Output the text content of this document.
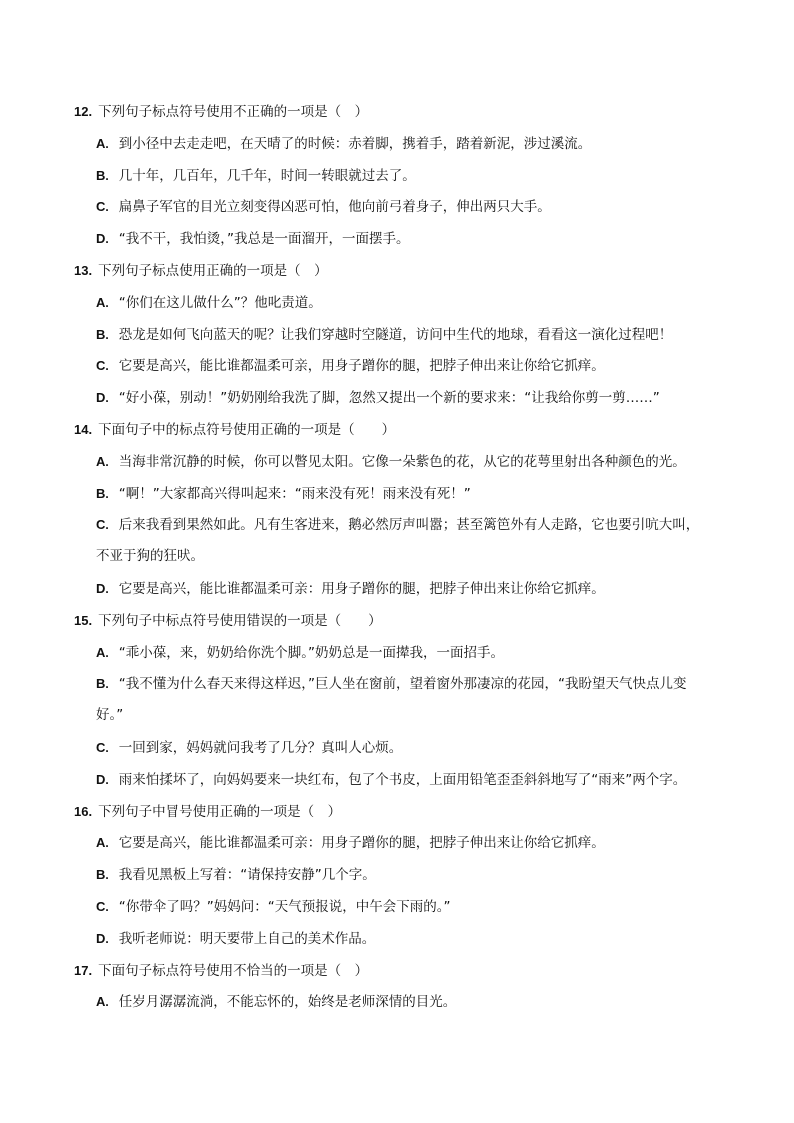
12. 下列句子标点符号使用不正确的一项是（　）
A. 到小径中去走走吧，在天晴了的时候：赤着脚，携着手，踏着新泥，涉过溪流。
B. 几十年，几百年，几千年，时间一转眼就过去了。
C. 扁鼻子军官的目光立刻变得凶恶可怕，他向前弓着身子，伸出两只大手。
D. “我不干，我怕烫，”我总是一面溜开，一面摆手。
13. 下列句子标点使用正确的一项是（　）
A. “你们在这儿做什么”？他叱责道。
B. 恐龙是如何飞向蓝天的呢？让我们穿越时空隧道，访问中生代的地球，看看这一演化过程吧！
C. 它要是高兴，能比谁都温柔可亲，用身子蹭你的腿，把脖子伸出来让你给它抓痒。
D. “好小葆，别动！”奶奶刚给我洗了脚，忽然又提出一个新的要求来：“让我给你剪一剪……”
14. 下面句子中的标点符号使用正确的一项是（　　）
A. 当海非常沉静的时候，你可以瞥见太阳。它像一朵紫色的花，从它的花萼里射出各种颜色的光。
B. “啊！”大家都高兴得叫起来：“雨来没有死！雨来没有死！”
C. 后来我看到果然如此。凡有生客进来，鹅必然厉声叫嚣；甚至篱笆外有人走路，它也要引吭大叫，
不亚于狗的狂吠。
D. 它要是高兴，能比谁都温柔可亲：用身子蹭你的腿，把脖子伸出来让你给它抓痒。
15. 下列句子中标点符号使用错误的一项是（　　）
A. “乖小葆，来，奶奶给你洗个脚。”奶奶总是一面撵我，一面招手。
B. “我不懂为什么春天来得这样迟，”巨人坐在窗前，望着窗外那凄凉的花园，“我盼望天气快点儿变
好。”
C. 一回到家，妈妈就问我考了几分？真叫人心烦。
D. 雨来怕揉坏了，向妈妈要来一块红布，包了个书皮，上面用铅笔歪歪斜斜地写了“雨来”两个字。
16. 下列句子中冒号使用正确的一项是（　）
A. 它要是高兴，能比谁都温柔可亲：用身子蹭你的腿，把脖子伸出来让你给它抓痒。
B. 我看见黑板上写着：“请保持安静”几个字。
C. “你带伞了吗？”妈妈问：“天气预报说，中午会下雨的。”
D. 我听老师说：明天要带上自己的美术作品。
17. 下面句子标点符号使用不恰当的一项是（　）
A. 任岁月潺潺流淌，不能忘怀的，始终是老师深情的目光。
